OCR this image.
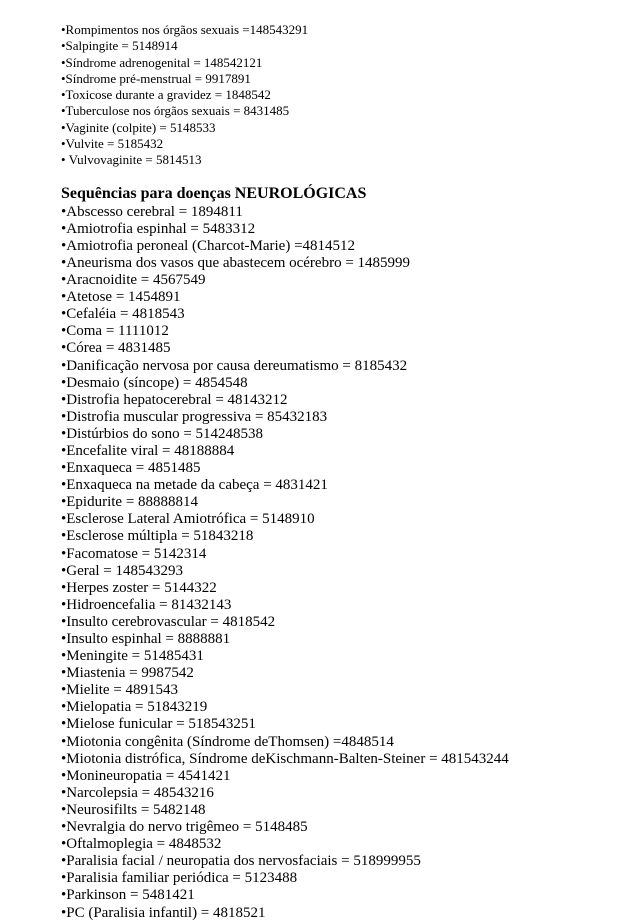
•Rompimentos nos órgãos sexuais =148543291
•Salpingite = 5148914
•Síndrome adrenogenital = 148542121
•Síndrome pré-menstrual = 9917891
•Toxicose durante a gravidez = 1848542
•Tuberculose nos órgãos sexuais = 8431485
•Vaginite (colpite) = 5148533
•Vulvite = 5185432
• Vulvovaginite = 5814513
Sequências para doenças NEUROLÓGICAS
•Abscesso cerebral = 1894811
•Amiotrofia espinhal = 5483312
•Amiotrofia peroneal (Charcot-Marie) =4814512
•Aneurisma dos vasos que abastecem océrebro = 1485999
•Aracnoidite = 4567549
•Atetose = 1454891
•Cefaléia = 4818543
•Coma = 1111012
•Córea = 4831485
•Danificação nervosa por causa dereumatismo = 8185432
•Desmaio (síncope) = 4854548
•Distrofia hepatocerebral = 48143212
•Distrofia muscular progressiva = 85432183
•Distúrbios do sono = 514248538
•Encefalite viral = 48188884
•Enxaqueca = 4851485
•Enxaqueca na metade da cabeça = 4831421
•Epidurite = 88888814
•Esclerose Lateral Amiotrófica = 5148910
•Esclerose múltipla = 51843218
•Facomatose = 5142314
•Geral = 148543293
•Herpes zoster = 5144322
•Hidroencefalia = 81432143
•Insulto cerebrovascular = 4818542
•Insulto espinhal = 8888881
•Meningite = 51485431
•Miastenia = 9987542
•Mielite = 4891543
•Mielopatia = 51843219
•Mielose funicular = 518543251
•Miotonia congênita (Síndrome deThomsen) =4848514
•Miotonia distrófica, Síndrome deKischmann-Balten-Steiner = 481543244
•Monineuropatia = 4541421
•Narcolepsia = 48543216
•Neurosifilts = 5482148
•Nevralgia do nervo trigêmeo = 5148485
•Oftalmoplegia = 4848532
•Paralisia facial / neuropatia dos nervosfaciais = 518999955
•Paralisia familiar periódica = 5123488
•Parkinson = 5481421
•PC (Paralisia infantil) = 4818521
